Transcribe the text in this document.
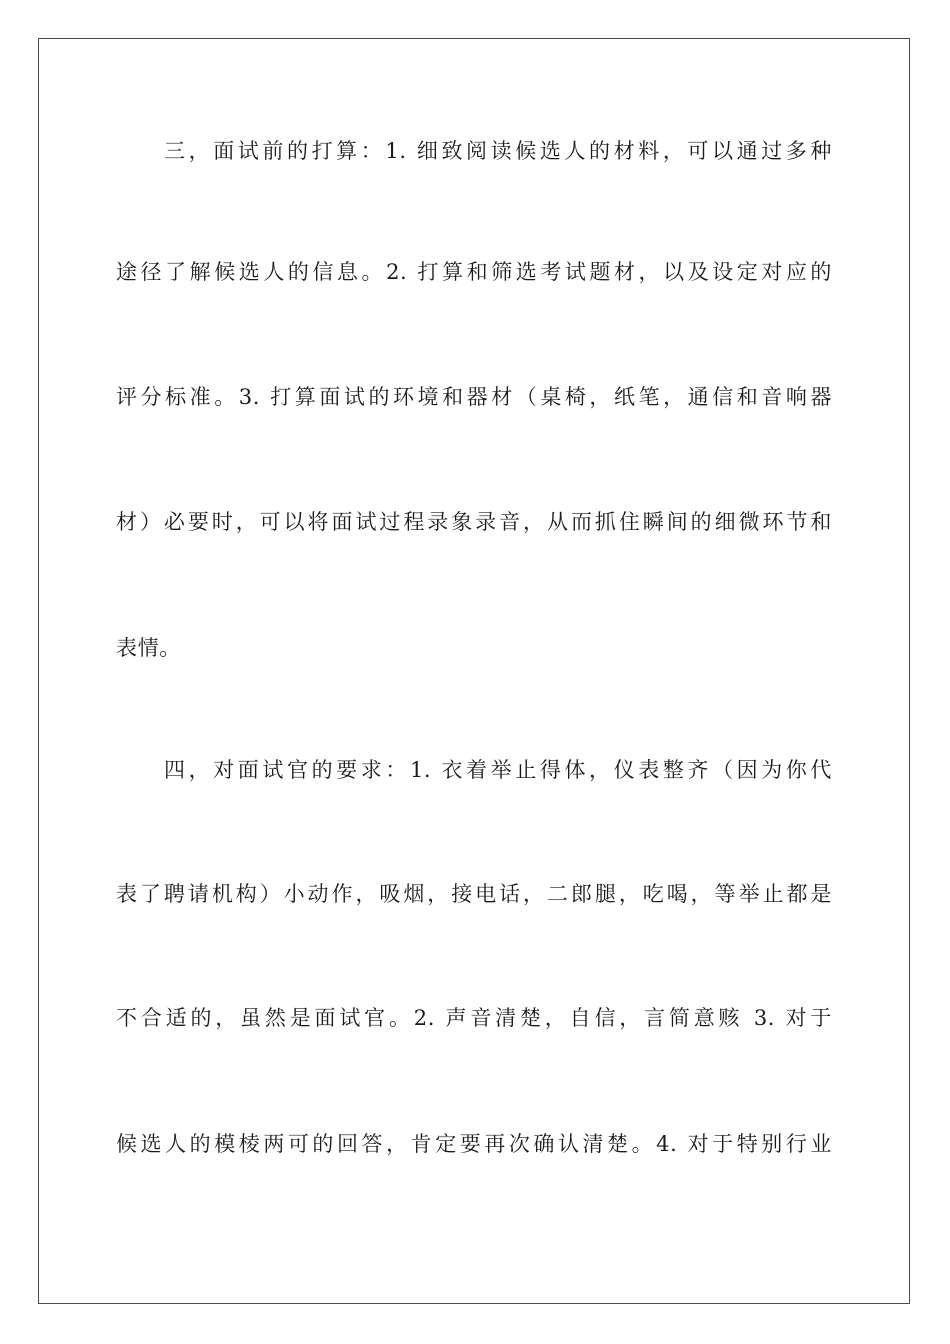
三，面试前的打算：1. 细致阅读候选人的材料，可以通过多种
途径了解候选人的信息。2. 打算和筛选考试题材，以及设定对应的
评分标准。3. 打算面试的环境和器材（桌椅，纸笔，通信和音响器
材）必要时，可以将面试过程录象录音，从而抓住瞬间的细微环节和
表情。
四，对面试官的要求：1. 衣着举止得体，仪表整齐（因为你代
表了聘请机构）小动作，吸烟，接电话，二郎腿，吃喝，等举止都是
不合适的，虽然是面试官。2. 声音清楚，自信，言简意赅 3. 对于
候选人的模棱两可的回答，肯定要再次确认清楚。4. 对于特别行业
